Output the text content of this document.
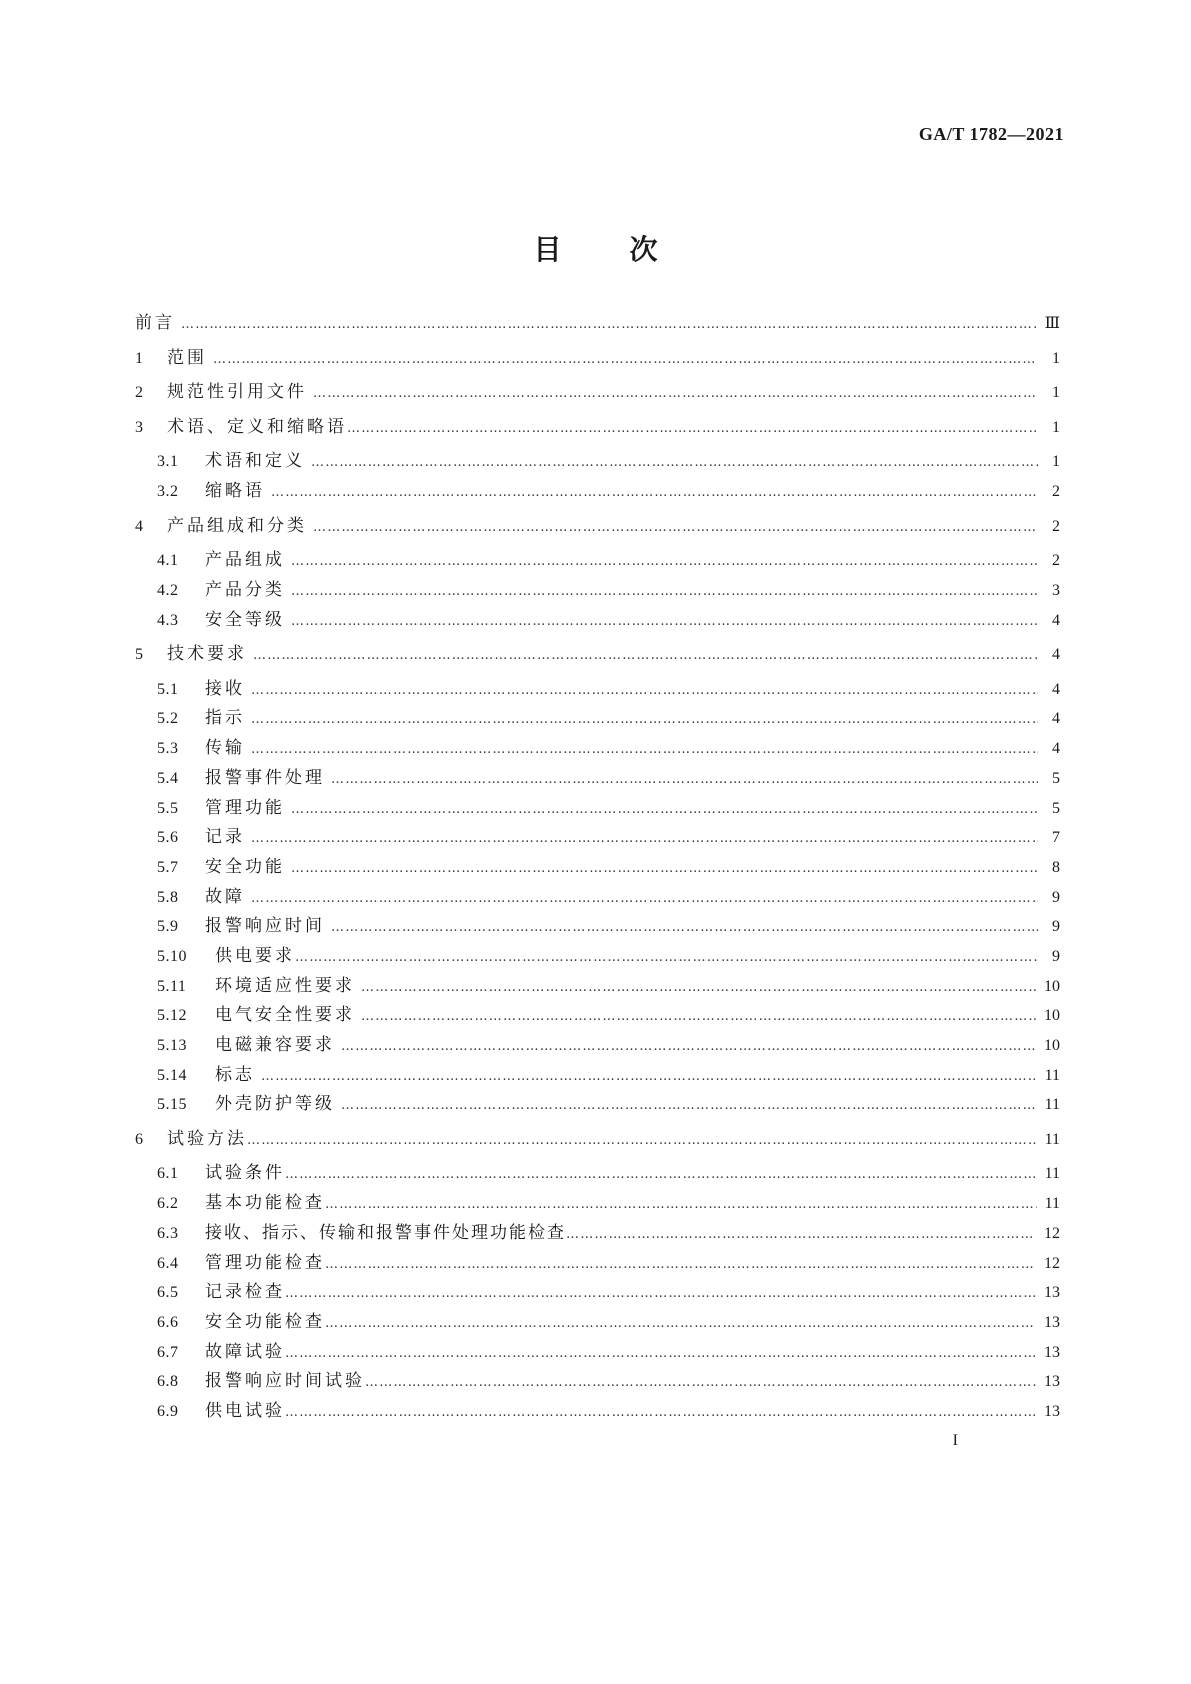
GA/T 1782—2021
目 次
前言 …………………………………………………………………………………………………………………………………………………………………………………………………………………………………………………………………………	Ⅲ
1	范围 …………………………………………………………………………………………………………………………………………………………………………………………………………………………………………………………………………	1
2	规范性引用文件 …………………………………………………………………………………………………………………………………………………………………………………………………………………………………………………………………………	1
3	术语、定义和缩略语 …………………………………………………………………………………………………………………………………………………………………………………………………………………………………………………………………………	1
3.1	术语和定义 …………………………………………………………………………………………………………………………………………………………………………………………………………………………………………………………………………	1
3.2	缩略语 …………………………………………………………………………………………………………………………………………………………………………………………………………………………………………………………………………	2
4	产品组成和分类 …………………………………………………………………………………………………………………………………………………………………………………………………………………………………………………………………………	2
4.1	产品组成 …………………………………………………………………………………………………………………………………………………………………………………………………………………………………………………………………………	2
4.2	产品分类 …………………………………………………………………………………………………………………………………………………………………………………………………………………………………………………………………………	3
4.3	安全等级 …………………………………………………………………………………………………………………………………………………………………………………………………………………………………………………………………………	4
5	技术要求 …………………………………………………………………………………………………………………………………………………………………………………………………………………………………………………………………………	4
5.1	接收 …………………………………………………………………………………………………………………………………………………………………………………………………………………………………………………………………………	4
5.2	指示 …………………………………………………………………………………………………………………………………………………………………………………………………………………………………………………………………………	4
5.3	传输 …………………………………………………………………………………………………………………………………………………………………………………………………………………………………………………………………………	4
5.4	报警事件处理 …………………………………………………………………………………………………………………………………………………………………………………………………………………………………………………………………………	5
5.5	管理功能 …………………………………………………………………………………………………………………………………………………………………………………………………………………………………………………………………………	5
5.6	记录 …………………………………………………………………………………………………………………………………………………………………………………………………………………………………………………………………………	7
5.7	安全功能 …………………………………………………………………………………………………………………………………………………………………………………………………………………………………………………………………………	8
5.8	故障 …………………………………………………………………………………………………………………………………………………………………………………………………………………………………………………………………………	9
5.9	报警响应时间 …………………………………………………………………………………………………………………………………………………………………………………………………………………………………………………………………………	9
5.10	供电要求 …………………………………………………………………………………………………………………………………………………………………………………………………………………………………………………………………………	9
5.11	环境适应性要求 …………………………………………………………………………………………………………………………………………………………………………………………………………………………………………………………………………	10
5.12	电气安全性要求 …………………………………………………………………………………………………………………………………………………………………………………………………………………………………………………………………………	10
5.13	电磁兼容要求 …………………………………………………………………………………………………………………………………………………………………………………………………………………………………………………………………………	10
5.14	标志 …………………………………………………………………………………………………………………………………………………………………………………………………………………………………………………………………………	11
5.15	外壳防护等级 …………………………………………………………………………………………………………………………………………………………………………………………………………………………………………………………………………	11
6	试验方法 …………………………………………………………………………………………………………………………………………………………………………………………………………………………………………………………………………	11
6.1	试验条件 …………………………………………………………………………………………………………………………………………………………………………………………………………………………………………………………………………	11
6.2	基本功能检查 …………………………………………………………………………………………………………………………………………………………………………………………………………………………………………………………………………	11
6.3	接收、指示、传输和报警事件处理功能检查 …………………………………………………………………………………………………………………………………………………………………………………………………………………………………………………………………………	12
6.4	管理功能检查 …………………………………………………………………………………………………………………………………………………………………………………………………………………………………………………………………………	12
6.5	记录检查 …………………………………………………………………………………………………………………………………………………………………………………………………………………………………………………………………………	13
6.6	安全功能检查 …………………………………………………………………………………………………………………………………………………………………………………………………………………………………………………………………………	13
6.7	故障试验 …………………………………………………………………………………………………………………………………………………………………………………………………………………………………………………………………………	13
6.8	报警响应时间试验 …………………………………………………………………………………………………………………………………………………………………………………………………………………………………………………………………………	13
6.9	供电试验 …………………………………………………………………………………………………………………………………………………………………………………………………………………………………………………………………………	13
I
